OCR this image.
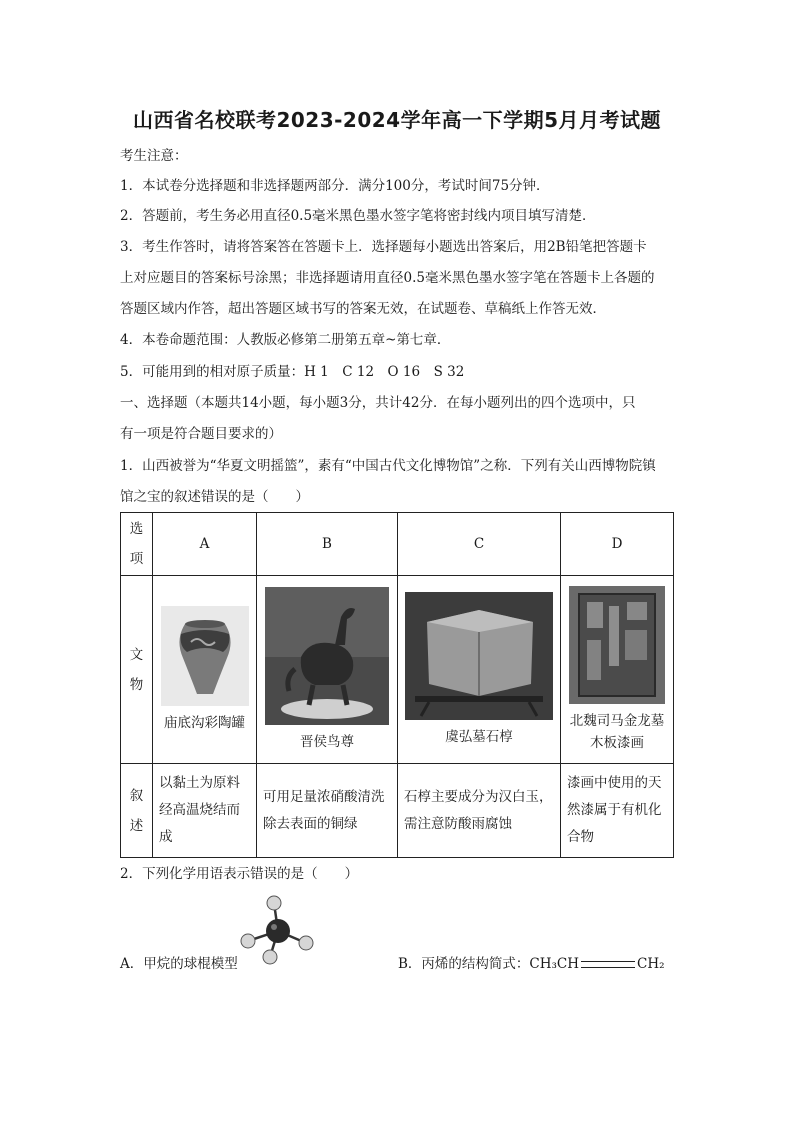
山西省名校联考2023-2024学年高一下学期5月月考试题
考生注意：
1．本试卷分选择题和非选择题两部分．满分100分，考试时间75分钟．
2．答题前，考生务必用直径0.5毫米黑色墨水签字笔将密封线内项目填写清楚．
3．考生作答时，请将答案答在答题卡上．选择题每小题选出答案后，用2B铅笔把答题卡
上对应题目的答案标号涂黑；非选择题请用直径0.5毫米黑色墨水签字笔在答题卡上各题的
答题区域内作答，超出答题区域书写的答案无效，在试题卷、草稿纸上作答无效．
4．本卷命题范围：人教版必修第二册第五章~第七章．
5．可能用到的相对原子质量：H 1　C 12　O 16　S 32
一、选择题（本题共14小题，每小题3分，共计42分．在每小题列出的四个选项中，只
有一项是符合题目要求的）
1．山西被誉为“华夏文明摇篮”，素有“中国古代文化博物馆”之称．下列有关山西博物院镇
馆之宝的叙述错误的是（　　）
选
项	A	B	C	D

文
物	庙底沟彩陶罐	晋侯鸟尊	虞弘墓石椁	北魏司马金龙墓
木板漆画

叙
述	以黏土为原料
经高温烧结而
成	可用足量浓硝酸清洗
除去表面的铜绿	石椁主要成分为汉白玉，
需注意防酸雨腐蚀	漆画中使用的天
然漆属于有机化
合物
2．下列化学用语表示错误的是（　　）
A．甲烷的球棍模型	B．丙烯的结构简式：CH₃CH	CH₂
